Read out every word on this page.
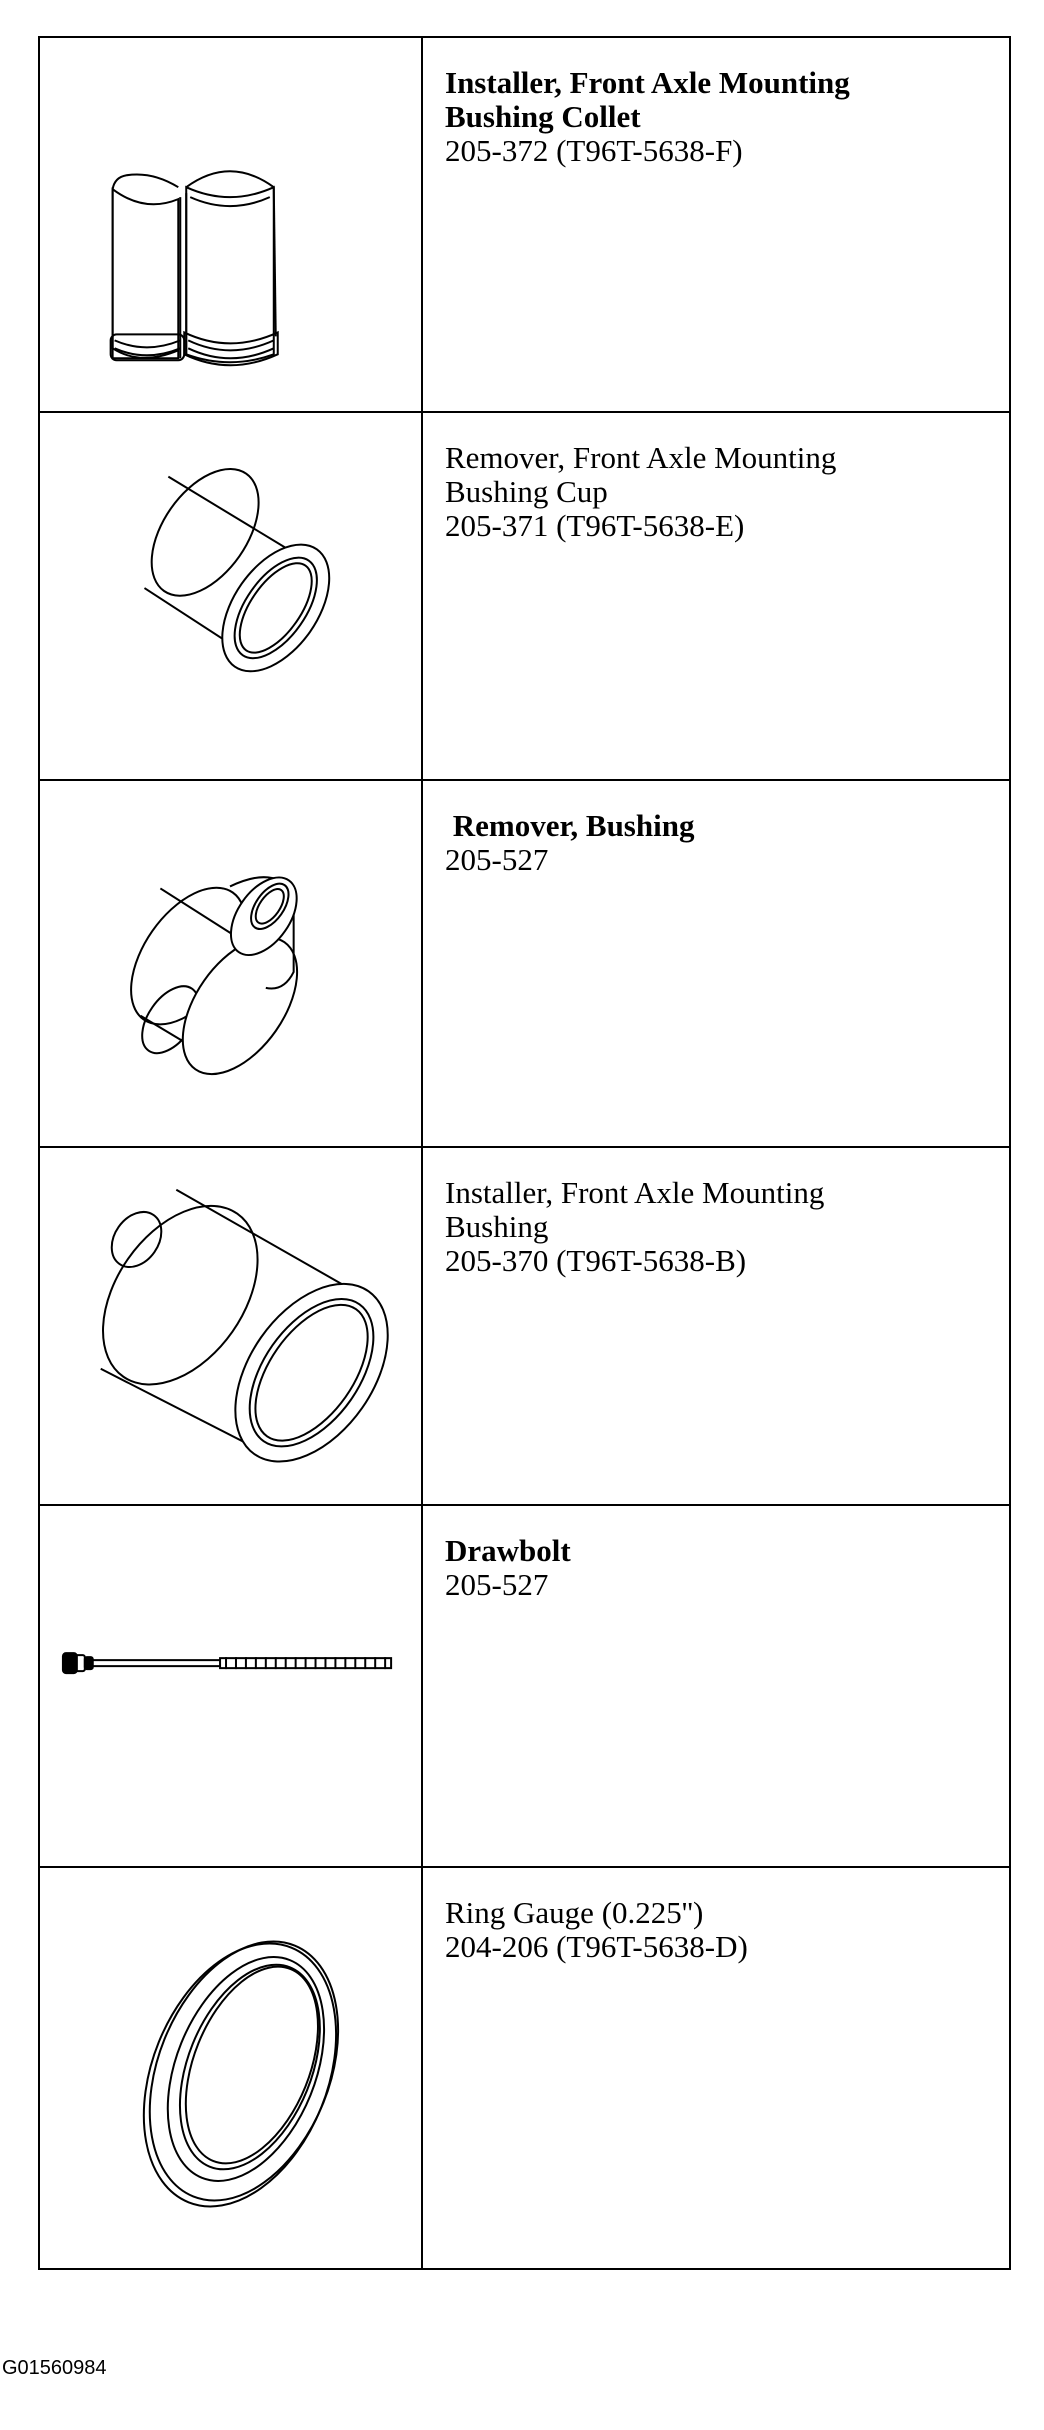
Installer, Front Axle Mounting
Bushing Collet
205-372 (T96T-5638-F)

Remover, Front Axle Mounting
Bushing Cup
205-371 (T96T-5638-E)

Remover, Bushing
205-527

Installer, Front Axle Mounting
Bushing
205-370 (T96T-5638-B)

Drawbolt
205-527

Ring Gauge (0.225'')
204-206 (T96T-5638-D)
G01560984
